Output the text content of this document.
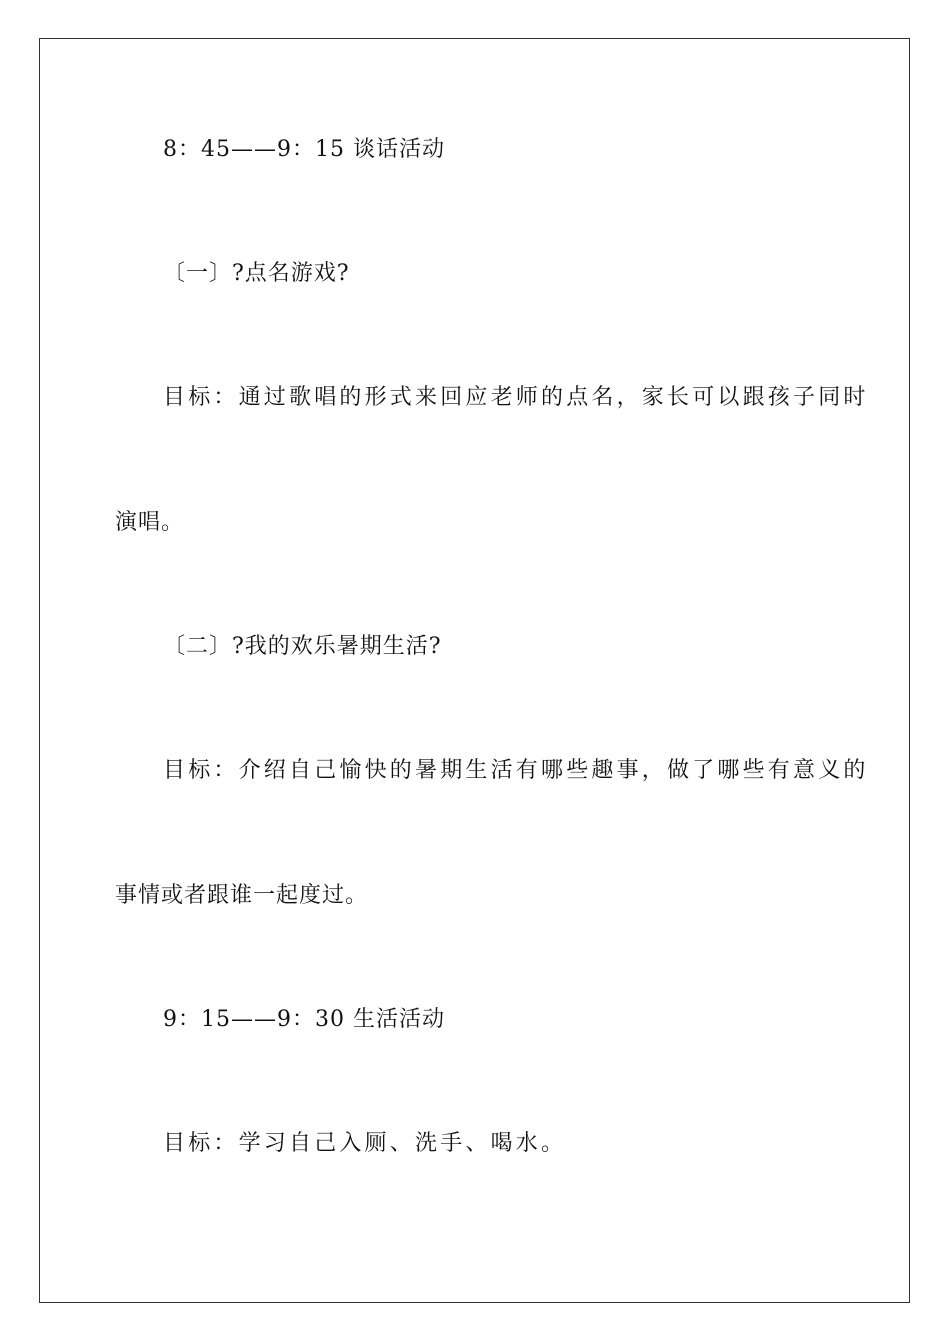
8：45——9：15 谈话活动
〔一〕?点名游戏?
目标：通过歌唱的形式来回应老师的点名，家长可以跟孩子同时
演唱。
〔二〕?我的欢乐暑期生活?
目标：介绍自己愉快的暑期生活有哪些趣事，做了哪些有意义的
事情或者跟谁一起度过。
9：15——9：30 生活活动
目标：学习自己入厕、洗手、喝水。
